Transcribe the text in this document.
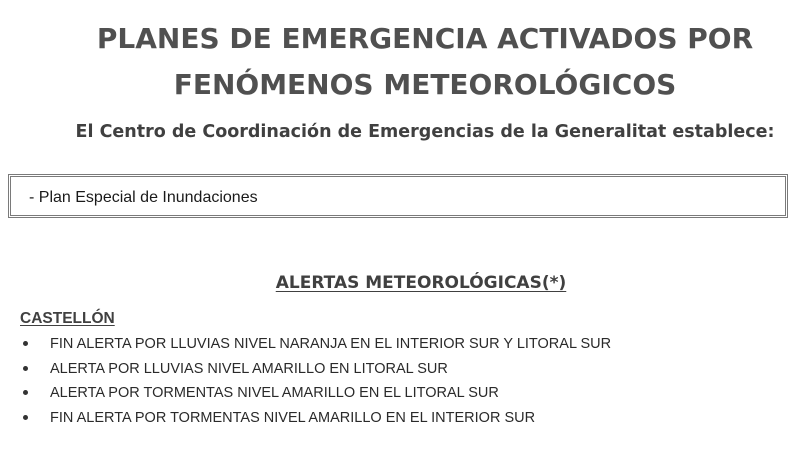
PLANES DE EMERGENCIA ACTIVADOS POR
FENÓMENOS METEOROLÓGICOS
El Centro de Coordinación de Emergencias de la Generalitat establece:
- Plan Especial de Inundaciones
ALERTAS METEOROLÓGICAS(*)
CASTELLÓN
FIN ALERTA POR LLUVIAS NIVEL NARANJA EN EL INTERIOR SUR Y LITORAL SUR
ALERTA POR LLUVIAS NIVEL AMARILLO EN LITORAL SUR
ALERTA POR TORMENTAS NIVEL AMARILLO EN EL LITORAL SUR
FIN ALERTA POR TORMENTAS NIVEL AMARILLO EN EL INTERIOR SUR
